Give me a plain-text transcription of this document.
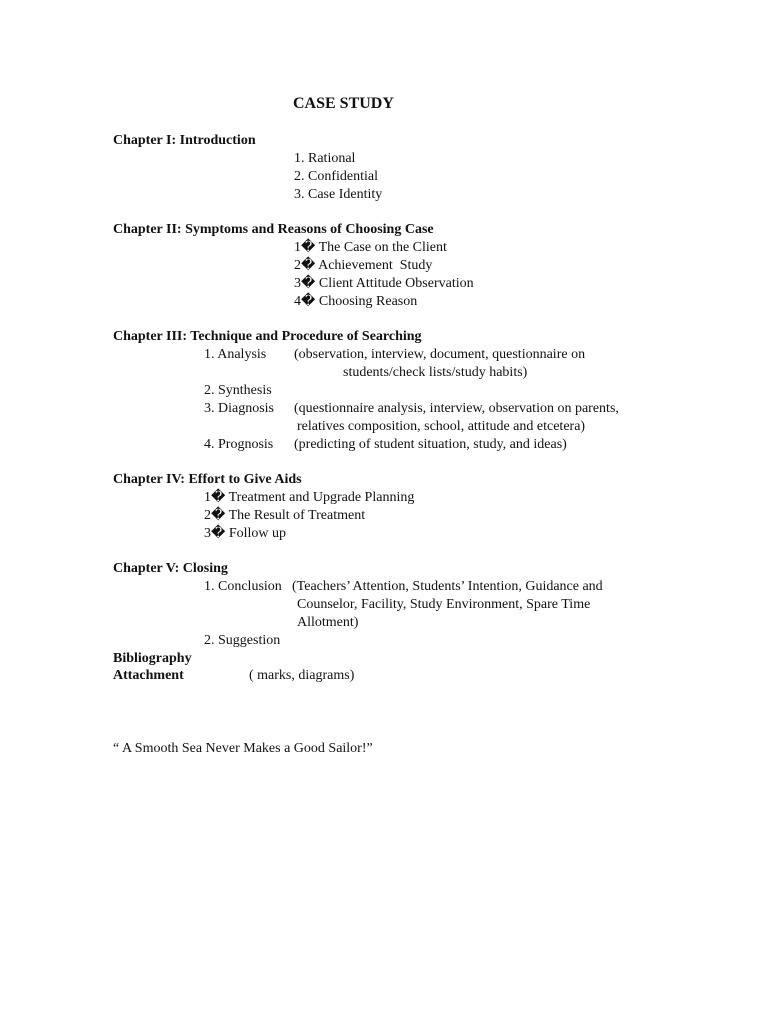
CASE STUDY
Chapter I: Introduction
1. Rational
2. Confidential
3. Case Identity
Chapter II: Symptoms and Reasons of Choosing Case
1� The Case on the Client
2� Achievement  Study
3� Client Attitude Observation
4� Choosing Reason
Chapter III: Technique and Procedure of Searching
1. Analysis (observation, interview, document, questionnaire on
students/check lists/study habits)
2. Synthesis
3. Diagnosis (questionnaire analysis, interview, observation on parents,
relatives composition, school, attitude and etcetera)
4. Prognosis (predicting of student situation, study, and ideas)
Chapter IV: Effort to Give Aids
1� Treatment and Upgrade Planning
2� The Result of Treatment
3� Follow up
Chapter V: Closing
1. Conclusion (Teachers’ Attention, Students’ Intention, Guidance and
Counselor, Facility, Study Environment, Spare Time
Allotment)
2. Suggestion
Bibliography
Attachment	( marks, diagrams)
“ A Smooth Sea Never Makes a Good Sailor!”
